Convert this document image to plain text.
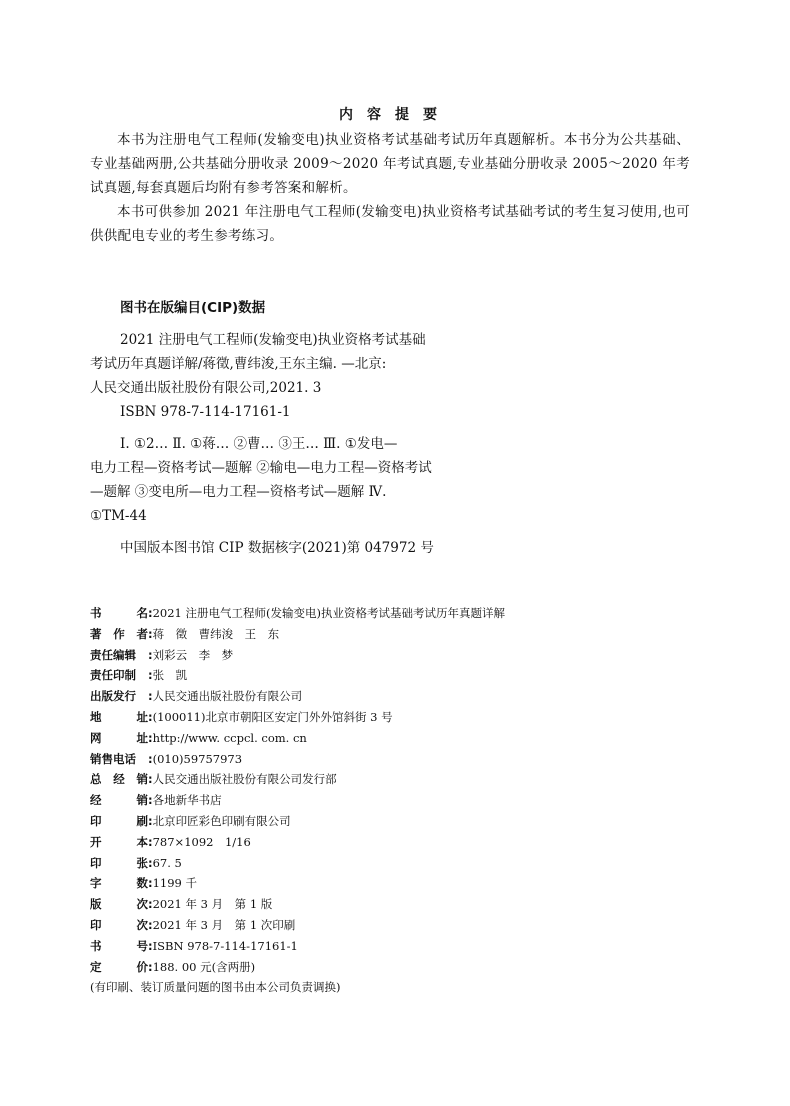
内容提要

本书为注册电气工程师(发输变电)执业资格考试基础考试历年真题解析。本书分为公共基础、专业基础两册,公共基础分册收录 2009～2020 年考试真题,专业基础分册收录 2005～2020 年考试真题,每套真题后均附有参考答案和解析。

本书可供参加 2021 年注册电气工程师(发输变电)执业资格考试基础考试的考生复习使用,也可供供配电专业的考生参考练习。

图书在版编目(CIP)数据

2021 注册电气工程师(发输变电)执业资格考试基础

考试历年真题详解/蒋徵,曹纬浚,王东主编. —北京:

人民交通出版社股份有限公司,2021. 3

ISBN 978-7-114-17161-1

Ⅰ. ①2… Ⅱ. ①蒋… ②曹… ③王… Ⅲ. ①发电—

电力工程—资格考试—题解 ②输电—电力工程—资格考试

—题解 ③变电所—电力工程—资格考试—题解 Ⅳ.

①TM-44

中国版本图书馆 CIP 数据核字(2021)第 047972 号

书	名 : 2021 注册电气工程师(发输变电)执业资格考试基础考试历年真题详解
著 作 者 : 蒋　徵　曹纬浚　王　东
责任编辑 : 刘彩云　李　梦
责任印制 : 张　凯
出版发行 : 人民交通出版社股份有限公司
地	址 : (100011)北京市朝阳区安定门外外馆斜街 3 号
网	址 : http://www. ccpcl. com. cn
销售电话 : (010)59757973
总 经 销 : 人民交通出版社股份有限公司发行部
经	销 : 各地新华书店
印	刷 : 北京印匠彩色印刷有限公司
开	本 : 787×1092　1/16
印	张 : 67. 5
字	数 : 1199 千
版	次 : 2021 年 3 月　第 1 版
印	次 : 2021 年 3 月　第 1 次印刷
书	号 : ISBN 978-7-114-17161-1
定	价 : 188. 00 元(含两册)
(有印刷、装订质量问题的图书由本公司负责调换)
